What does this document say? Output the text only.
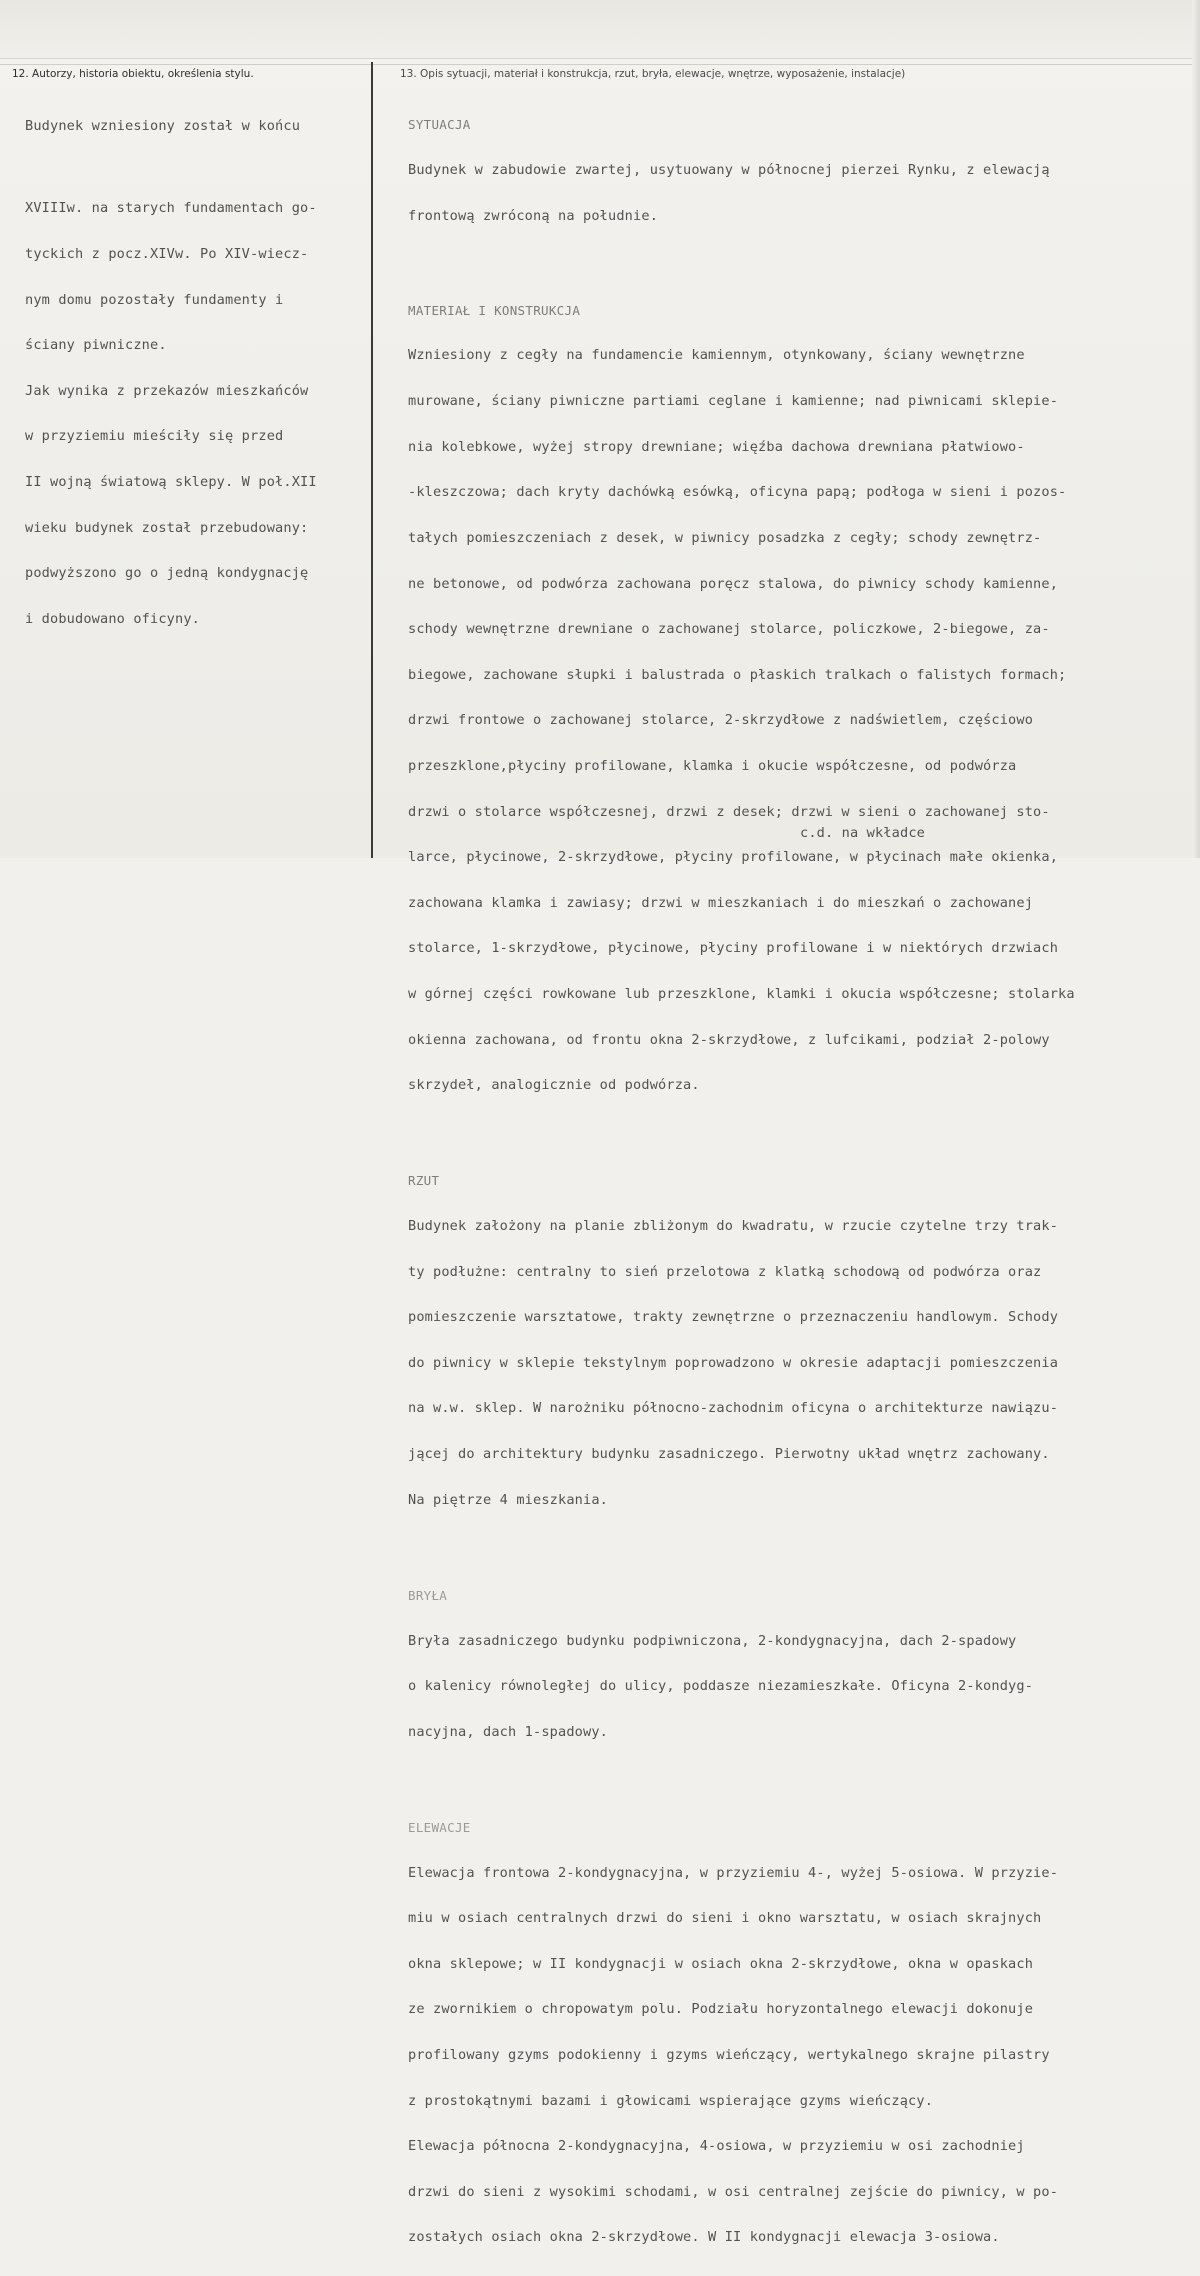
12. Autorzy, historia obiektu, określenia stylu.	13. Opis sytuacji, materiał i konstrukcja, rzut, bryła, elewacje, wnętrze, wyposażenie, instalacje)

Budynek wzniesiony został w końcu

XVIIIw. na starych fundamentach go-

tyckich z pocz.XIVw. Po XIV-wiecz-

nym domu pozostały fundamenty i

ściany piwniczne.

Jak wynika z przekazów mieszkańców

w przyziemiu mieściły się przed

II wojną światową sklepy. W poł.XII

wieku budynek został przebudowany:

podwyższono go o jedną kondygnację

i dobudowano oficyny.

SYTUACJA

Budynek w zabudowie zwartej, usytuowany w północnej pierzei Rynku, z elewacją

frontową zwróconą na południe.

MATERIAŁ I KONSTRUKCJA

Wzniesiony z cegły na fundamencie kamiennym, otynkowany, ściany wewnętrzne

murowane, ściany piwniczne partiami ceglane i kamienne; nad piwnicami sklepie-

nia kolebkowe, wyżej stropy drewniane; więźba dachowa drewniana płatwiowo-

-kleszczowa; dach kryty dachówką esówką, oficyna papą; podłoga w sieni i pozos-

tałych pomieszczeniach z desek, w piwnicy posadzka z cegły; schody zewnętrz-

ne betonowe, od podwórza zachowana poręcz stalowa, do piwnicy schody kamienne,

schody wewnętrzne drewniane o zachowanej stolarce, policzkowe, 2-biegowe, za-

biegowe, zachowane słupki i balustrada o płaskich tralkach o falistych formach;

drzwi frontowe o zachowanej stolarce, 2-skrzydłowe z nadświetlem, częściowo

przeszklone,płyciny profilowane, klamka i okucie współczesne, od podwórza

drzwi o stolarce współczesnej, drzwi z desek; drzwi w sieni o zachowanej sto-

larce, płycinowe, 2-skrzydłowe, płyciny profilowane, w płycinach małe okienka,

zachowana klamka i zawiasy; drzwi w mieszkaniach i do mieszkań o zachowanej

stolarce, 1-skrzydłowe, płycinowe, płyciny profilowane i w niektórych drzwiach

w górnej części rowkowane lub przeszklone, klamki i okucia współczesne; stolarka

okienna zachowana, od frontu okna 2-skrzydłowe, z lufcikami, podział 2-polowy

skrzydeł, analogicznie od podwórza.

RZUT

Budynek założony na planie zbliżonym do kwadratu, w rzucie czytelne trzy trak-

ty podłużne: centralny to sień przelotowa z klatką schodową od podwórza oraz

pomieszczenie warsztatowe, trakty zewnętrzne o przeznaczeniu handlowym. Schody

do piwnicy w sklepie tekstylnym poprowadzono w okresie adaptacji pomieszczenia

na w.w. sklep. W narożniku północno-zachodnim oficyna o architekturze nawiązu-

jącej do architektury budynku zasadniczego. Pierwotny układ wnętrz zachowany.

Na piętrze 4 mieszkania.

BRYŁA

Bryła zasadniczego budynku podpiwniczona, 2-kondygnacyjna, dach 2-spadowy

o kalenicy równoległej do ulicy, poddasze niezamieszkałe. Oficyna 2-kondyg-

nacyjna, dach 1-spadowy.

ELEWACJE

Elewacja frontowa 2-kondygnacyjna, w przyziemiu 4-, wyżej 5-osiowa. W przyzie-

miu w osiach centralnych drzwi do sieni i okno warsztatu, w osiach skrajnych

okna sklepowe; w II kondygnacji w osiach okna 2-skrzydłowe, okna w opaskach

ze zwornikiem o chropowatym polu. Podziału horyzontalnego elewacji dokonuje

profilowany gzyms podokienny i gzyms wieńczący, wertykalnego skrajne pilastry

z prostokątnymi bazami i głowicami wspierające gzyms wieńczący.

Elewacja północna 2-kondygnacyjna, 4-osiowa, w przyziemiu w osi zachodniej

drzwi do sieni z wysokimi schodami, w osi centralnej zejście do piwnicy, w po-

zostałych osiach okna 2-skrzydłowe. W II kondygnacji elewacja 3-osiowa.

c.d. na wkładce
